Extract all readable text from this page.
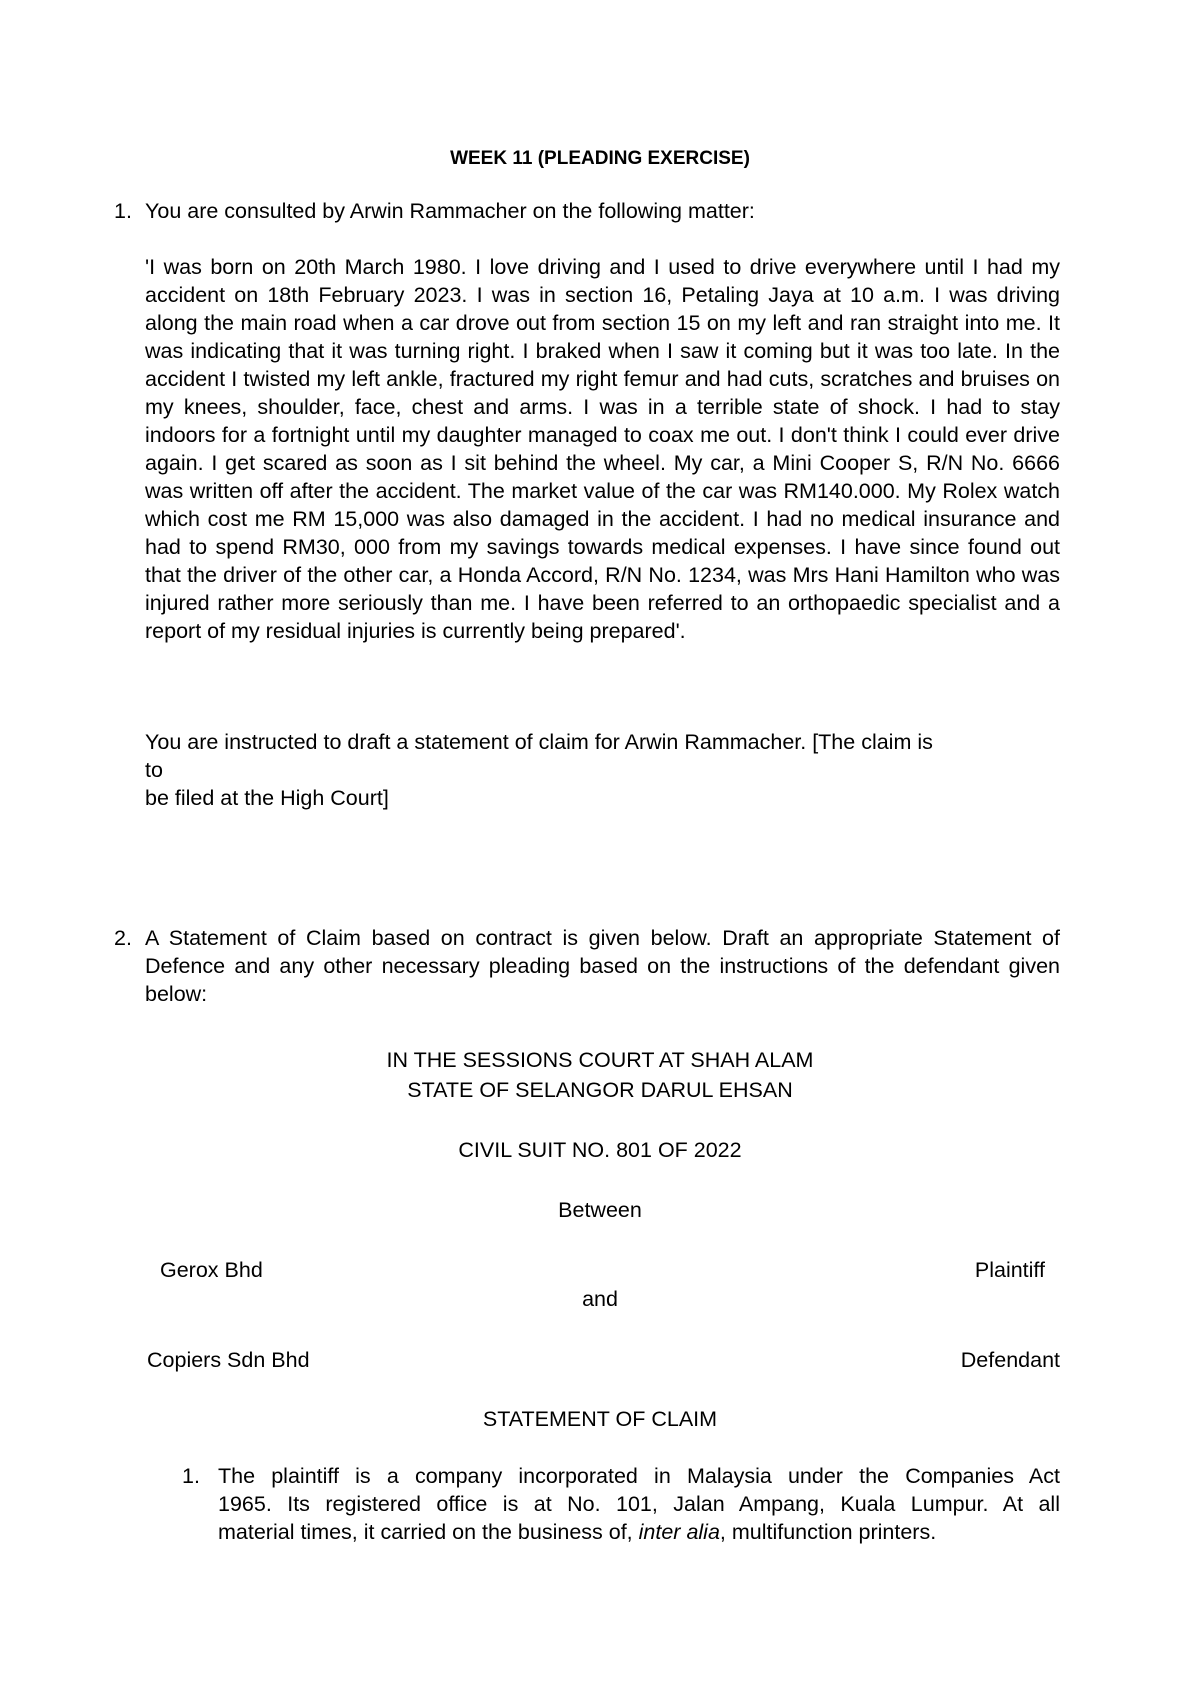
WEEK 11 (PLEADING EXERCISE)
1. You are consulted by Arwin Rammacher on the following matter:
'I was born on 20th March 1980. I love driving and I used to drive everywhere until I had my accident on 18th February 2023. I was in section 16, Petaling Jaya at 10 a.m. I was driving along the main road when a car drove out from section 15 on my left and ran straight into me. It was indicating that it was turning right. I braked when I saw it coming but it was too late. In the accident I twisted my left ankle, fractured my right femur and had cuts, scratches and bruises on my knees, shoulder, face, chest and arms. I was in a terrible state of shock. I had to stay indoors for a fortnight until my daughter managed to coax me out. I don't think I could ever drive again. I get scared as soon as I sit behind the wheel. My car, a Mini Cooper S, R/N No. 6666 was written off after the accident. The market value of the car was RM140.000. My Rolex watch which cost me RM 15,000 was also damaged in the accident. I had no medical insurance and had to spend RM30, 000 from my savings towards medical expenses. I have since found out that the driver of the other car, a Honda Accord, R/N No. 1234, was Mrs Hani Hamilton who was injured rather more seriously than me. I have been referred to an orthopaedic specialist and a report of my residual injuries is currently being prepared'.
You are instructed to draft a statement of claim for Arwin Rammacher. [The claim is
to
be filed at the High Court]
2. A Statement of Claim based on contract is given below. Draft an appropriate Statement of Defence and any other necessary pleading based on the instructions of the defendant given below:
IN THE SESSIONS COURT AT SHAH ALAM
STATE OF SELANGOR DARUL EHSAN
CIVIL SUIT NO. 801 OF 2022
Between
Gerox Bhd	Plaintiff
and
Copiers Sdn Bhd	Defendant
STATEMENT OF CLAIM
1. The plaintiff is a company incorporated in Malaysia under the Companies Act
1965. Its registered office is at No. 101, Jalan Ampang, Kuala Lumpur. At all
material times, it carried on the business of, inter alia, multifunction printers.
